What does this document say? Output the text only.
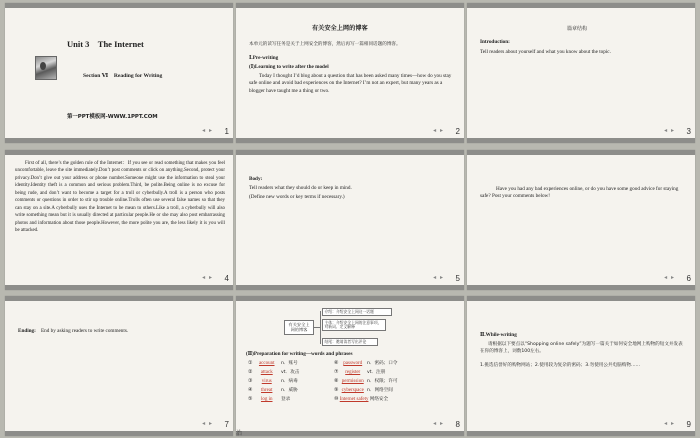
Unit 3    The Internet
Section Ⅵ    Reading for Writing
第一PPT模板网-WWW.1PPT.COM
◂ ▸ 1
有关安全上网的博客
本单元的读写任务是关于上网安全的博客，然后再写一篇相同话题的博客。
Ⅰ.Pre-writing
(Ⅰ)Learning to write after the model
Today I thought I’d blog about a question that has been asked many times—how do you stay safe online and avoid bad experiences on the Internet? I’m not an expert, but many years as a blogger have taught me a thing or two.
◂ ▸ 2
篇章结构
Introduction:
Tell readers about yourself and what you know about the topic.
◂ ▸ 3
First of all, there’s the golden rule of the Internet：If you see or read something that makes you feel uncomfortable, leave the site immediately.Don’t post comments or click on anything.Second, protect your privacy.Don’t give out your address or phone number.Someone might use the information to steal your identity.Identity theft is a common and serious problem.Third, be polite.Being online is no excuse for being rude, and don’t want to become a target for a troll or cyberbully.A troll is a person who posts comments or questions in order to stir up trouble online.Trolls often use several false names so that they can stay on a site.A cyberbully uses the Internet to be mean to others.Like a troll, a cyberbully will also write something mean but it is usually directed at particular people.He or she may also post embarrassing photos and information about those people.However, the more polite you are, the less likely it is you will be attacked.
◂ ▸ 4
Body:
Tell readers what they should do or keep in mind.
(Define new words or key terms if necessary.)
◂ ▸ 5
Have you had any bad experiences online, or do you have some good advice for staying safe? Post your comments below!
◂ ▸ 6
Ending: End by asking readers to write comments.
◂ ▸ 7
有关安全上网的博客
介绍：介绍安全上网这一话题
主体：介绍安全上网的注意事项，对新词、定义解释
结尾：邀请读者写出评论
(Ⅱ)Preparation for writing—words and phrases
① account n．账号
② attack vt．攻击
③ virus n．病毒
④ threat n．威胁
⑤ log in 登录
⑥ password n．密码；口令
⑦ register vt．注册
⑧ permission n．权限；许可
⑨ cyberspace n．网络空间
⑩ Internet safety 网络安全
◂ ▸ 8
治
Ⅱ.While-writing
请根据以下要点以“Shopping online safely”为题写一篇关于如何安全地网上购物的短文并发表在你的博客上，词数100左右。
1.挑选信誉好的购物网站；2.使用较为复杂的密码；3.勿使用公共电脑购物……
◂ ▸ 9
